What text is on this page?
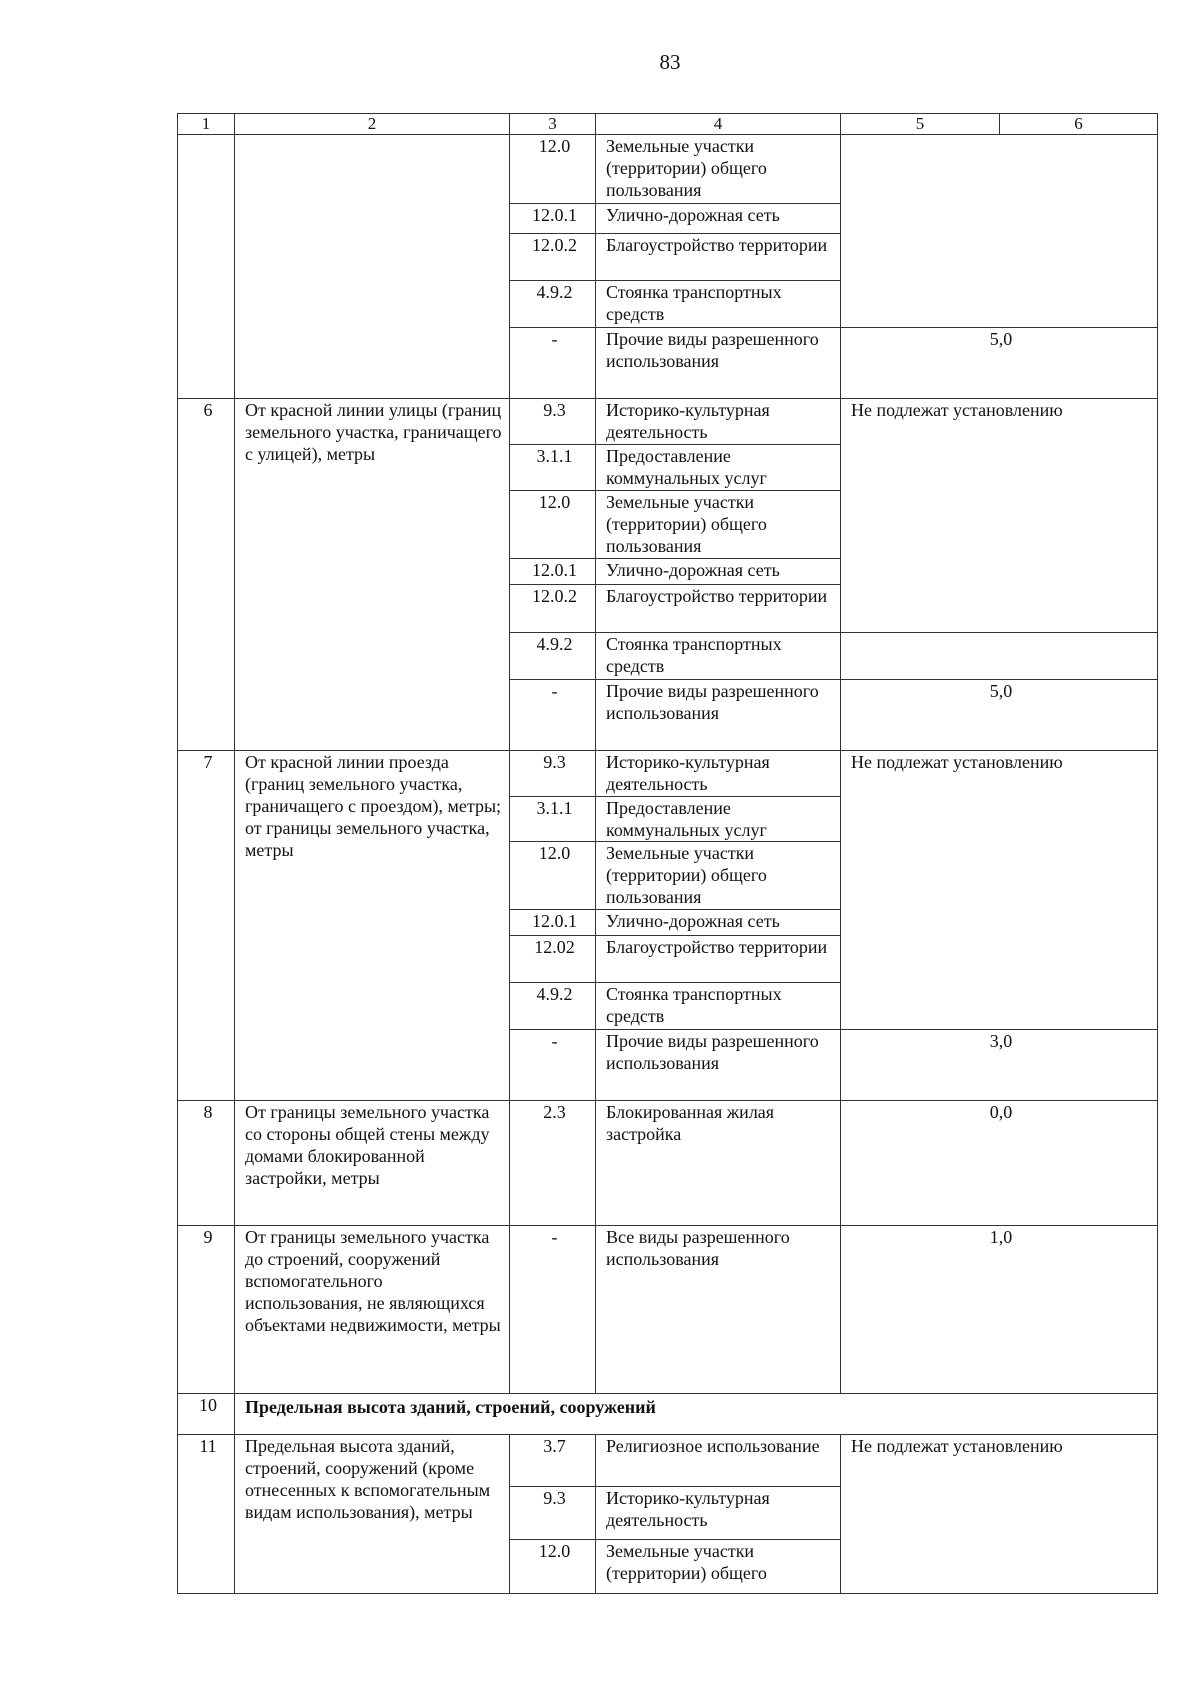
83
1	2	3	4	5	6
		12.0	Земельные участки (территории) общего пользования		
		12.0.1	Улично-дорожная сеть		
		12.0.2	Благоустройство территории		
		4.9.2	Стоянка транспортных средств		
		-	Прочие виды разрешенного использования	5,0	
6	От красной линии улицы (границ земельного участка, граничащего с улицей), метры	9.3	Историко-культурная деятельность	Не подлежат установлению	
		3.1.1	Предоставление коммунальных услуг		
		12.0	Земельные участки (территории) общего пользования		
		12.0.1	Улично-дорожная сеть		
		12.0.2	Благоустройство территории		
		4.9.2	Стоянка транспортных средств		
		-	Прочие виды разрешенного использования	5,0	
7	От красной линии проезда (границ земельного участка, граничащего с проездом), метры; от границы земельного участка, метры	9.3	Историко-культурная деятельность	Не подлежат установлению	
		3.1.1	Предоставление коммунальных услуг		
		12.0	Земельные участки (территории) общего пользования		
		12.0.1	Улично-дорожная сеть		
		12.02	Благоустройство территории		
		4.9.2	Стоянка транспортных средств		
		-	Прочие виды разрешенного использования	3,0	
8	От границы земельного участка со стороны общей стены между домами блокированной застройки, метры	2.3	Блокированная жилая застройка	0,0	
9	От границы земельного участка до строений, сооружений вспомогательного использования, не являющихся объектами недвижимости, метры	-	Все виды разрешенного использования	1,0	
10	Предельная высота зданий, строений, сооружений				
11	Предельная высота зданий, строений, сооружений (кроме отнесенных к вспомогательным видам использования), метры	3.7	Религиозное использование	Не подлежат установлению	
		9.3	Историко-культурная деятельность		
		12.0	Земельные участки (территории) общего		
